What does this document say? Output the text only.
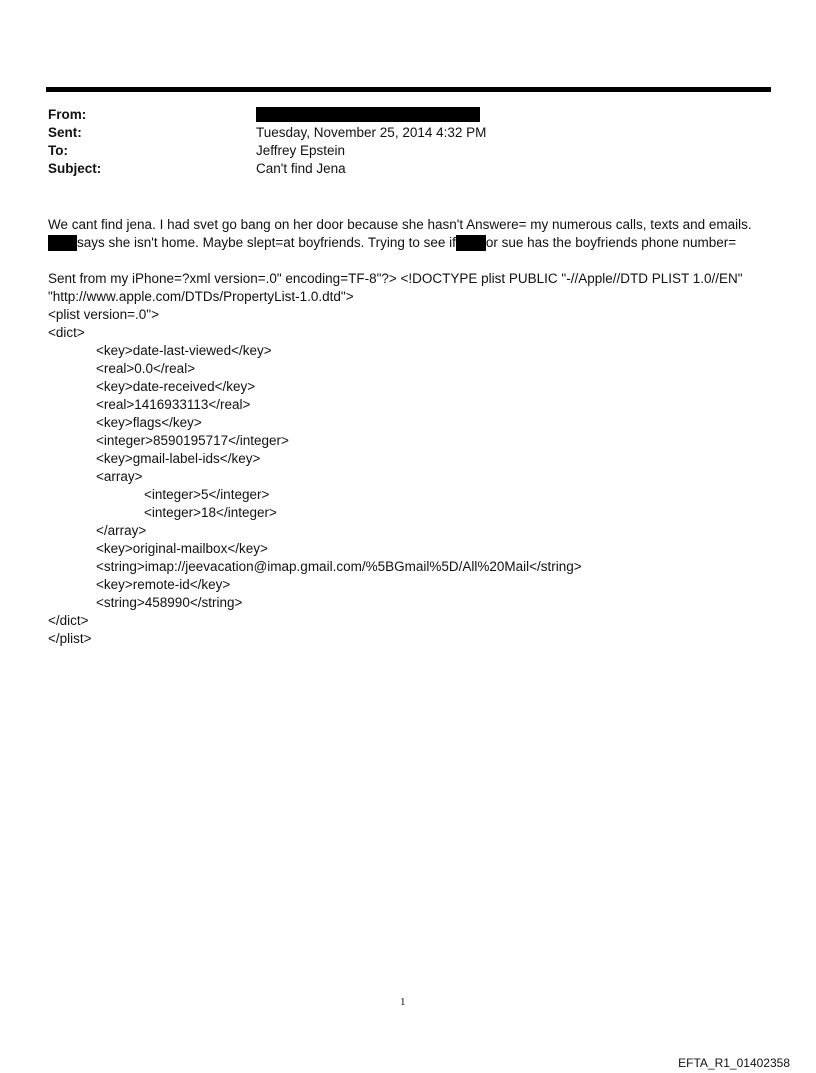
From:
Sent:	Tuesday, November 25, 2014 4:32 PM
To:	Jeffrey Epstein
Subject:	Can't find Jena
We cant find jena. I had svet go bang on her door because she hasn't Answere= my numerous calls, texts and emails.
says she isn't home. Maybe slept=at boyfriends. Trying to see if or sue has the boyfriends phone number=
Sent from my iPhone=?xml version=.0" encoding=TF-8"?> <!DOCTYPE plist PUBLIC "-//Apple//DTD PLIST 1.0//EN"
"http://www.apple.com/DTDs/PropertyList-1.0.dtd">
<plist version=.0">
<dict>
<key>date-last-viewed</key>
<real>0.0</real>
<key>date-received</key>
<real>1416933113</real>
<key>flags</key>
<integer>8590195717</integer>
<key>gmail-label-ids</key>
<array>
<integer>5</integer>
<integer>18</integer>
</array>
<key>original-mailbox</key>
<string>imap://jeevacation@imap.gmail.com/%5BGmail%5D/All%20Mail</string>
<key>remote-id</key>
<string>458990</string>
</dict>
</plist>
1
EFTA_R1_01402358
